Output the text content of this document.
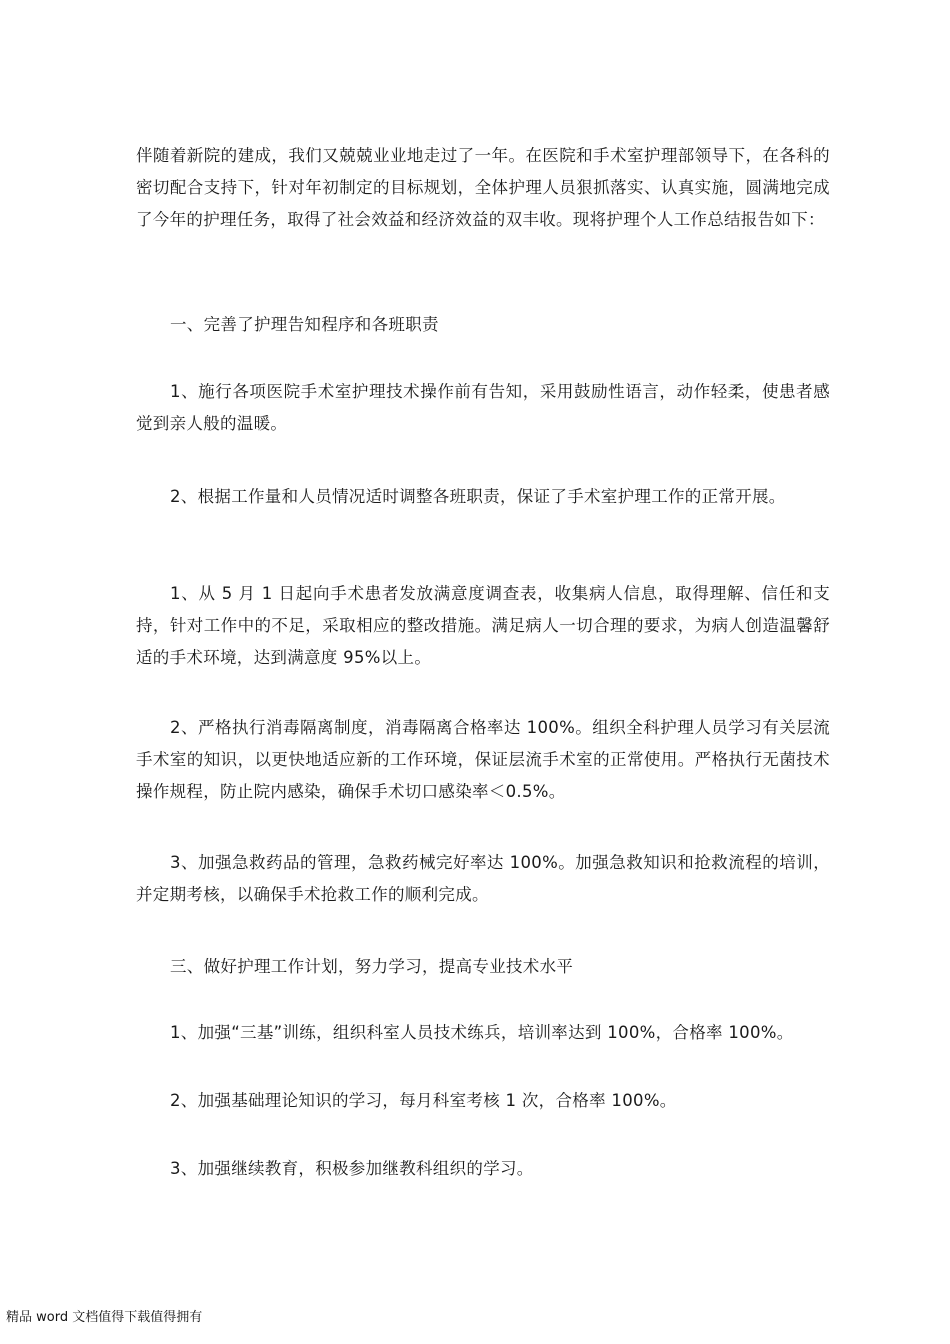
伴随着新院的建成，我们又兢兢业业地走过了一年。在医院和手术室护理部领导下，在各科的密切配合支持下，针对年初制定的目标规划，全体护理人员狠抓落实、认真实施，圆满地完成了今年的护理任务，取得了社会效益和经济效益的双丰收。现将护理个人工作总结报告如下：

一、完善了护理告知程序和各班职责

1、施行各项医院手术室护理技术操作前有告知，采用鼓励性语言，动作轻柔，使患者感觉到亲人般的温暖。

2、根据工作量和人员情况适时调整各班职责，保证了手术室护理工作的正常开展。

1、从 5 月 1 日起向手术患者发放满意度调查表，收集病人信息，取得理解、信任和支持，针对工作中的不足，采取相应的整改措施。满足病人一切合理的要求，为病人创造温馨舒适的手术环境，达到满意度 95%以上。

2、严格执行消毒隔离制度，消毒隔离合格率达 100%。组织全科护理人员学习有关层流手术室的知识，以更快地适应新的工作环境，保证层流手术室的正常使用。严格执行无菌技术操作规程，防止院内感染，确保手术切口感染率＜0.5%。

3、加强急救药品的管理，急救药械完好率达 100%。加强急救知识和抢救流程的培训，并定期考核，以确保手术抢救工作的顺利完成。

三、做好护理工作计划，努力学习，提高专业技术水平

1、加强“三基”训练，组织科室人员技术练兵，培训率达到 100%，合格率 100%。

2、加强基础理论知识的学习，每月科室考核 1 次，合格率 100%。

3、加强继续教育，积极参加继教科组织的学习。

精品 word 文档值得下载值得拥有
